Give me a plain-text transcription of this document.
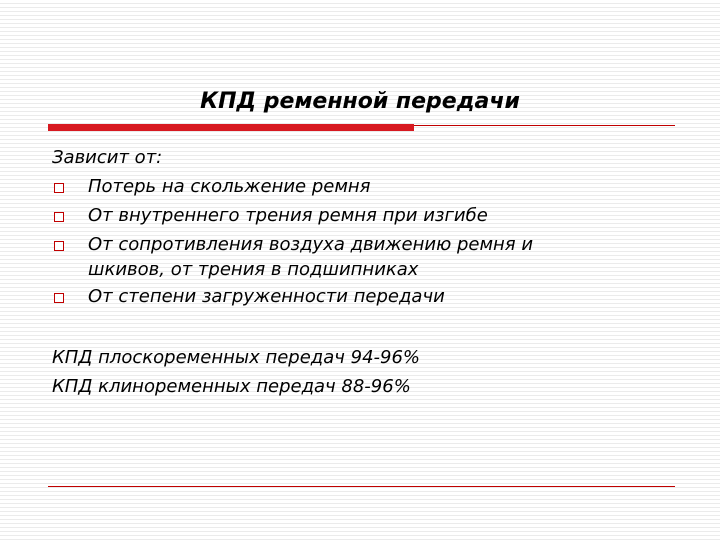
КПД ременной передачи

Зависит от:

Потерь на скольжение ремня
От внутреннего трения ремня при изгибе
От сопротивления воздуха движению ремня и
шкивов, от трения в подшипниках
От степени загруженности передачи

КПД плоскоременных передач 94-96%
КПД клиноременных передач 88-96%
